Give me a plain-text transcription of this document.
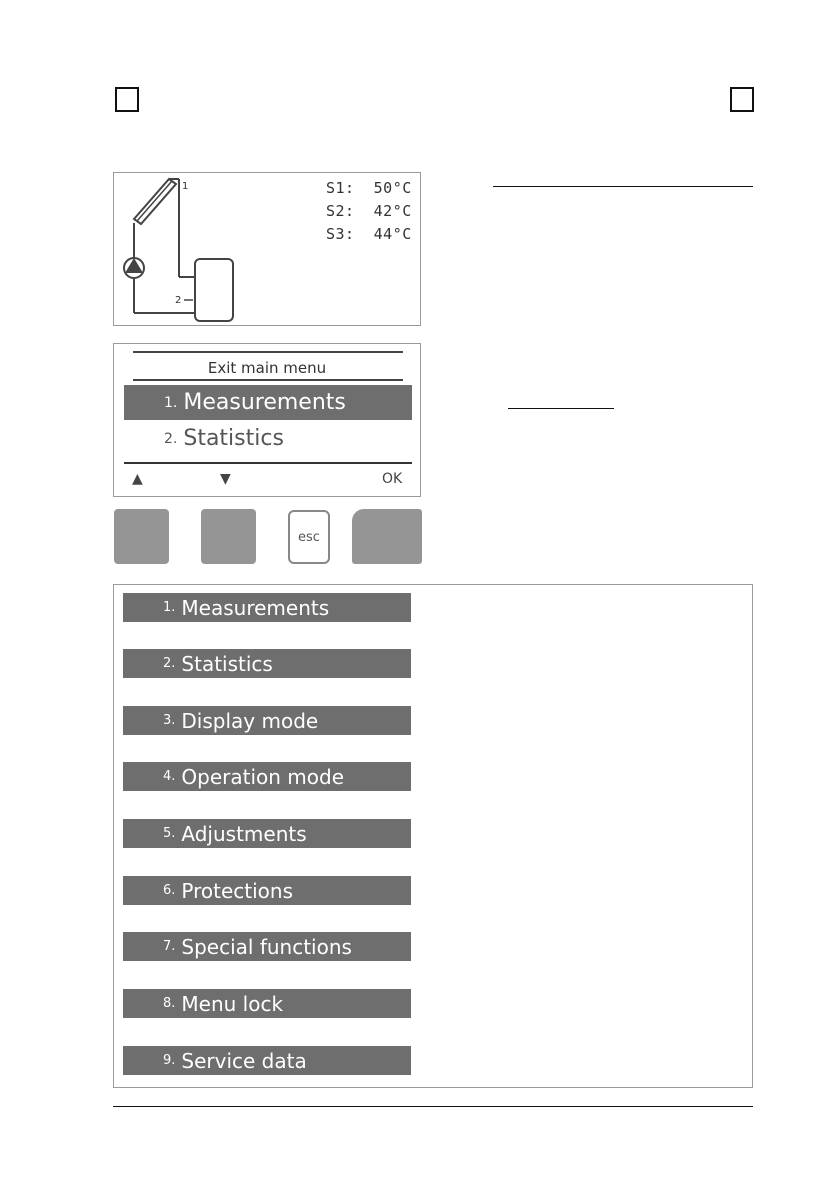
1
2
S1:  50°C
S2:  42°C
S3:  44°C
Exit main menu
1. Measurements
2. Statistics
▲	▼	OK
esc
1. Measurements
2. Statistics
3. Display mode
4. Operation mode
5. Adjustments
6. Protections
7. Special functions
8. Menu lock
9. Service data
